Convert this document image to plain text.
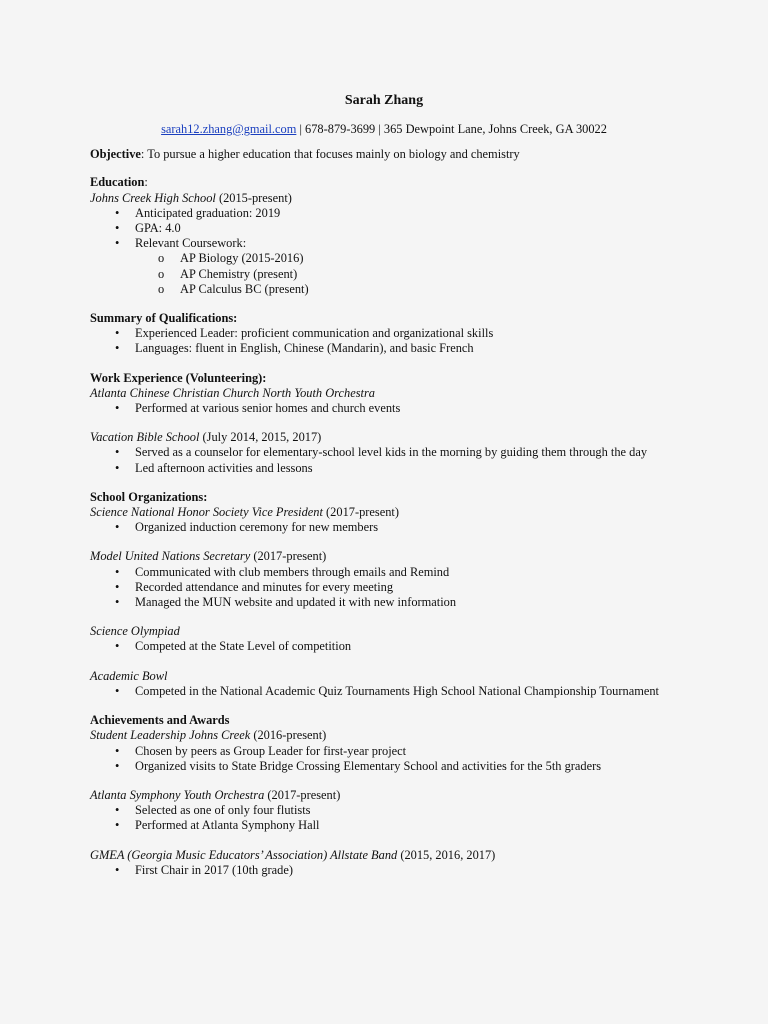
Sarah Zhang
sarah12.zhang@gmail.com | 678-879-3699 | 365 Dewpoint Lane, Johns Creek, GA 30022
Objective: To pursue a higher education that focuses mainly on biology and chemistry
Education:
Johns Creek High School (2015-present)
• Anticipated graduation: 2019
• GPA: 4.0
• Relevant Coursework:
o AP Biology (2015-2016)
o AP Chemistry (present)
o AP Calculus BC (present)
Summary of Qualifications:
• Experienced Leader: proficient communication and organizational skills
• Languages: fluent in English, Chinese (Mandarin), and basic French
Work Experience (Volunteering):
Atlanta Chinese Christian Church North Youth Orchestra
• Performed at various senior homes and church events
Vacation Bible School (July 2014, 2015, 2017)
• Served as a counselor for elementary-school level kids in the morning by guiding them through the day
• Led afternoon activities and lessons
School Organizations:
Science National Honor Society Vice President (2017-present)
• Organized induction ceremony for new members
Model United Nations Secretary (2017-present)
• Communicated with club members through emails and Remind
• Recorded attendance and minutes for every meeting
• Managed the MUN website and updated it with new information
Science Olympiad
• Competed at the State Level of competition
Academic Bowl
• Competed in the National Academic Quiz Tournaments High School National Championship Tournament
Achievements and Awards
Student Leadership Johns Creek (2016-present)
• Chosen by peers as Group Leader for first-year project
• Organized visits to State Bridge Crossing Elementary School and activities for the 5th graders
Atlanta Symphony Youth Orchestra (2017-present)
• Selected as one of only four flutists
• Performed at Atlanta Symphony Hall
GMEA (Georgia Music Educators’ Association) Allstate Band (2015, 2016, 2017)
• First Chair in 2017 (10th grade)
